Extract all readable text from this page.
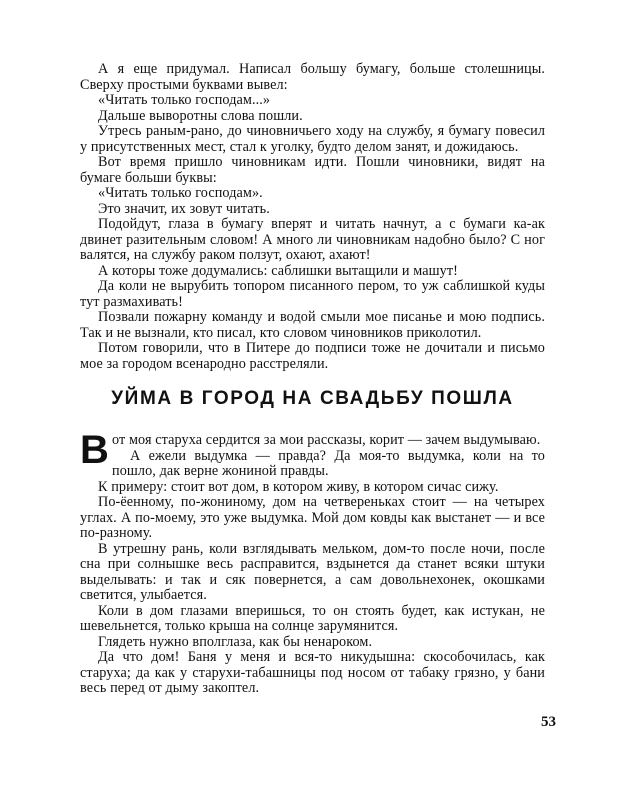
А я еще придумал. Написал большу бумагу, больше столешницы. Сверху простыми буквами вывел:

«Читать только господам...»

Дальше выворотны слова пошли.

Утресь раным-рано, до чиновничьего ходу на службу, я бумагу повесил у присутственных мест, стал к уголку, будто делом занят, и дожидаюсь.

Вот время пришло чиновникам идти. Пошли чиновники, видят на бумаге больши буквы:

«Читать только господам».

Это значит, их зовут читать.

Подойдут, глаза в бумагу вперят и читать начнут, а с бумаги ка-ак двинет разительным словом! А много ли чиновникам надобно было? С ног валятся, на службу раком ползут, охают, ахают!

А которы тоже додумались: саблишки вытащили и машут!

Да коли не вырубить топором писанного пером, то уж саблишкой куды тут размахивать!

Позвали пожарну команду и водой смыли мое писанье и мою подпись. Так и не вызнали, кто писал, кто словом чиновников приколотил.

Потом говорили, что в Питере до подписи тоже не дочитали и письмо мое за городом всенародно расстреляли.

УЙМА В ГОРОД НА СВАДЬБУ ПОШЛА

Вот моя старуха сердится за мои рассказы, корит — зачем выдумываю.

А ежели выдумка — правда? Да моя-то выдумка, коли на то пошло, дак верне жониной правды.

К примеру: стоит вот дом, в котором живу, в котором сичас сижу.

По-ёенному, по-жониному, дом на четвереньках стоит — на четырех углах. А по-моему, это уже выдумка. Мой дом ковды как выстанет — и все по-разному.

В утрешну рань, коли взглядывать мельком, дом-то после ночи, после сна при солнышке весь расправится, вздынется да станет всяки штуки выделывать: и так и сяк повернется, а сам довольнехонек, окошками светится, улыбается.

Коли в дом глазами вперишься, то он стоять будет, как истукан, не шевельнется, только крыша на солнце зарумянится.

Глядеть нужно вполглаза, как бы ненароком.

Да что дом! Баня у меня и вся-то никудышна: скособочилась, как старуха; да как у старухи-табашницы под носом от табаку грязно, у бани весь перед от дыму закоптел.

53
